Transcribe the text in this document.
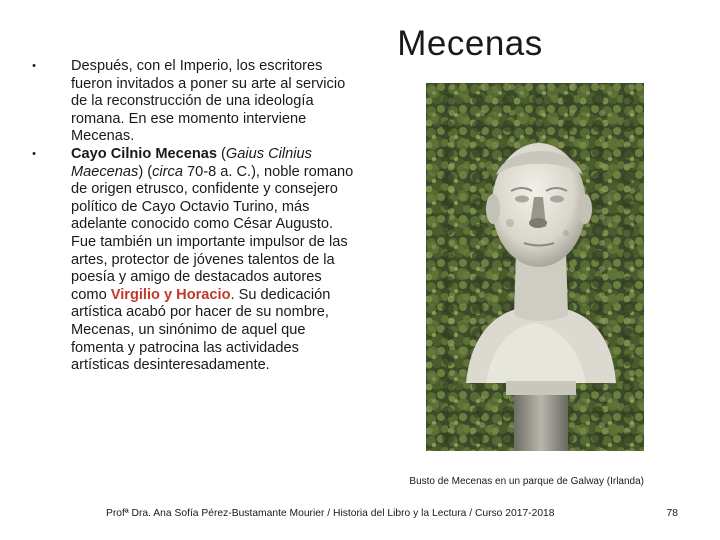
• Después, con el Imperio, los escritores fueron invitados a poner su arte al servicio de la reconstrucción de una ideología romana. En ese momento interviene Mecenas.
• Cayo Cilnio Mecenas (Gaius Cilnius Maecenas) (circa 70-8 a. C.), noble romano de origen etrusco, confidente y consejero político de Cayo Octavio Turino, más adelante conocido como César Augusto. Fue también un importante impulsor de las artes, protector de jóvenes talentos de la poesía y amigo de destacados autores como Virgilio y Horacio. Su dedicación artística acabó por hacer de su nombre, Mecenas, un sinónimo de aquel que fomenta y patrocina las actividades artísticas desinteresadamente.
Mecenas

Busto de Mecenas en un parque de Galway (Irlanda)

Profª Dra. Ana Sofía Pérez-Bustamante Mourier / Historia del Libro y la Lectura / Curso 2017-2018	78
